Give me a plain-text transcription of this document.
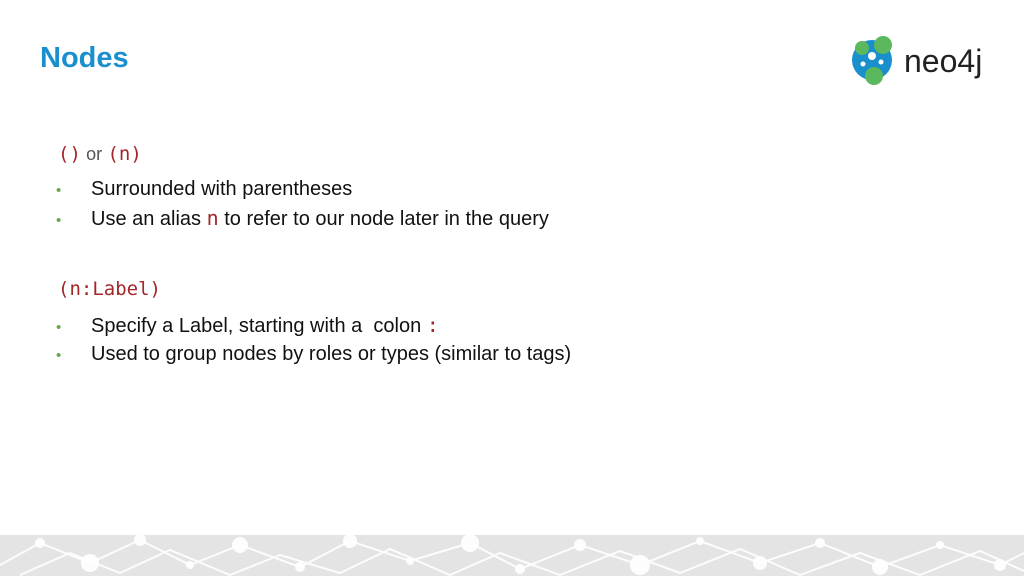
Nodes	neo4j
() or (n)
• Surrounded with parentheses
• Use an alias n to refer to our node later in the query
(n:Label)
• Specify a Label, starting with a  colon :
• Used to group nodes by roles or types (similar to tags)
